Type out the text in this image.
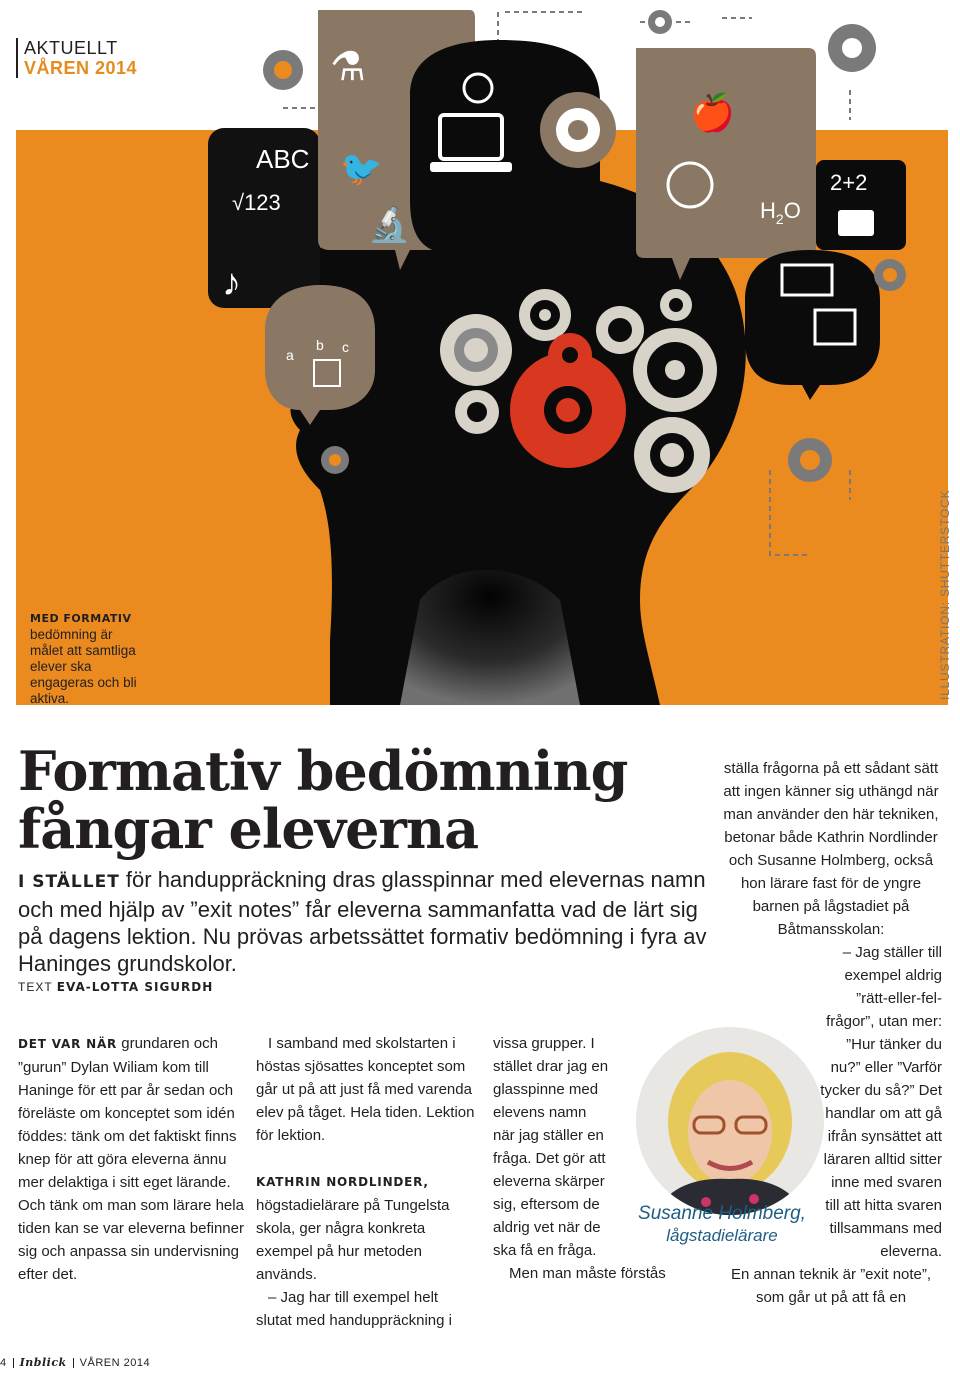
ABC
√123
♪
⚗
🐦
🔬
🍎
$H_2O$
2+2
a
b c
AKTUELLT
VÅREN 2014
MED FORMATIV bedömning är målet att samtliga elever ska engageras och bli aktiva.	ILLUSTRATION: SHUTTERSTOCK
Formativ bedömning
fångar eleverna
I STÄLLET för handuppräckning dras glasspinnar med elevernas namn och med hjälp av ”exit notes” får eleverna sammanfatta vad de lärt sig på dagens lektion. Nu prövas arbetssättet formativ bedömning i fyra av Haninges grundskolor.
TEXT EVA-LOTTA SIGURDH

DET VAR NÄR grundaren och ”gurun” Dylan Wiliam kom till Haninge för ett par år sedan och föreläste om konceptet som idén föddes: tänk om det faktiskt finns knep för att göra eleverna ännu mer delaktiga i sitt eget lärande. Och tänk om man som lärare hela tiden kan se var eleverna befinner sig och anpassa sin undervisning efter det.

I samband med skolstarten i höstas sjösattes konceptet som går ut på att just få med varenda elev på tåget. Hela tiden. Lektion för lektion.

KATHRIN NORDLINDER, högstadielärare på Tungelsta skola, ger några konkreta exempel på hur metoden används.

– Jag har till exempel helt slutat med handuppräckning i

vissa grupper. I stället drar jag en glasspinne med elevens namn när jag ställer en fråga. Det gör att eleverna skärper sig, eftersom de aldrig vet när de ska få en fråga.

Men man måste förstås

ställa frågorna på ett sådant sätt att ingen känner sig uthängd när man använder den här tekniken, betonar både Kathrin Nordlinder och Susanne Holmberg, också hon lärare fast för de yngre barnen på lågstadiet på Båtmansskolan:

– Jag ställer till exempel aldrig ”rätt-eller-fel-frågor”, utan mer: ”Hur tänker du nu?” eller ”Varför tycker du så?” Det handlar om att gå ifrån synsättet att läraren alltid sitter inne med svaren till att hitta svaren tillsammans med eleverna.

En annan teknik är ”exit note”, som går ut på att få en

Susanne Holmberg,
lågstadielärare
4 Inblick VÅREN 2014
